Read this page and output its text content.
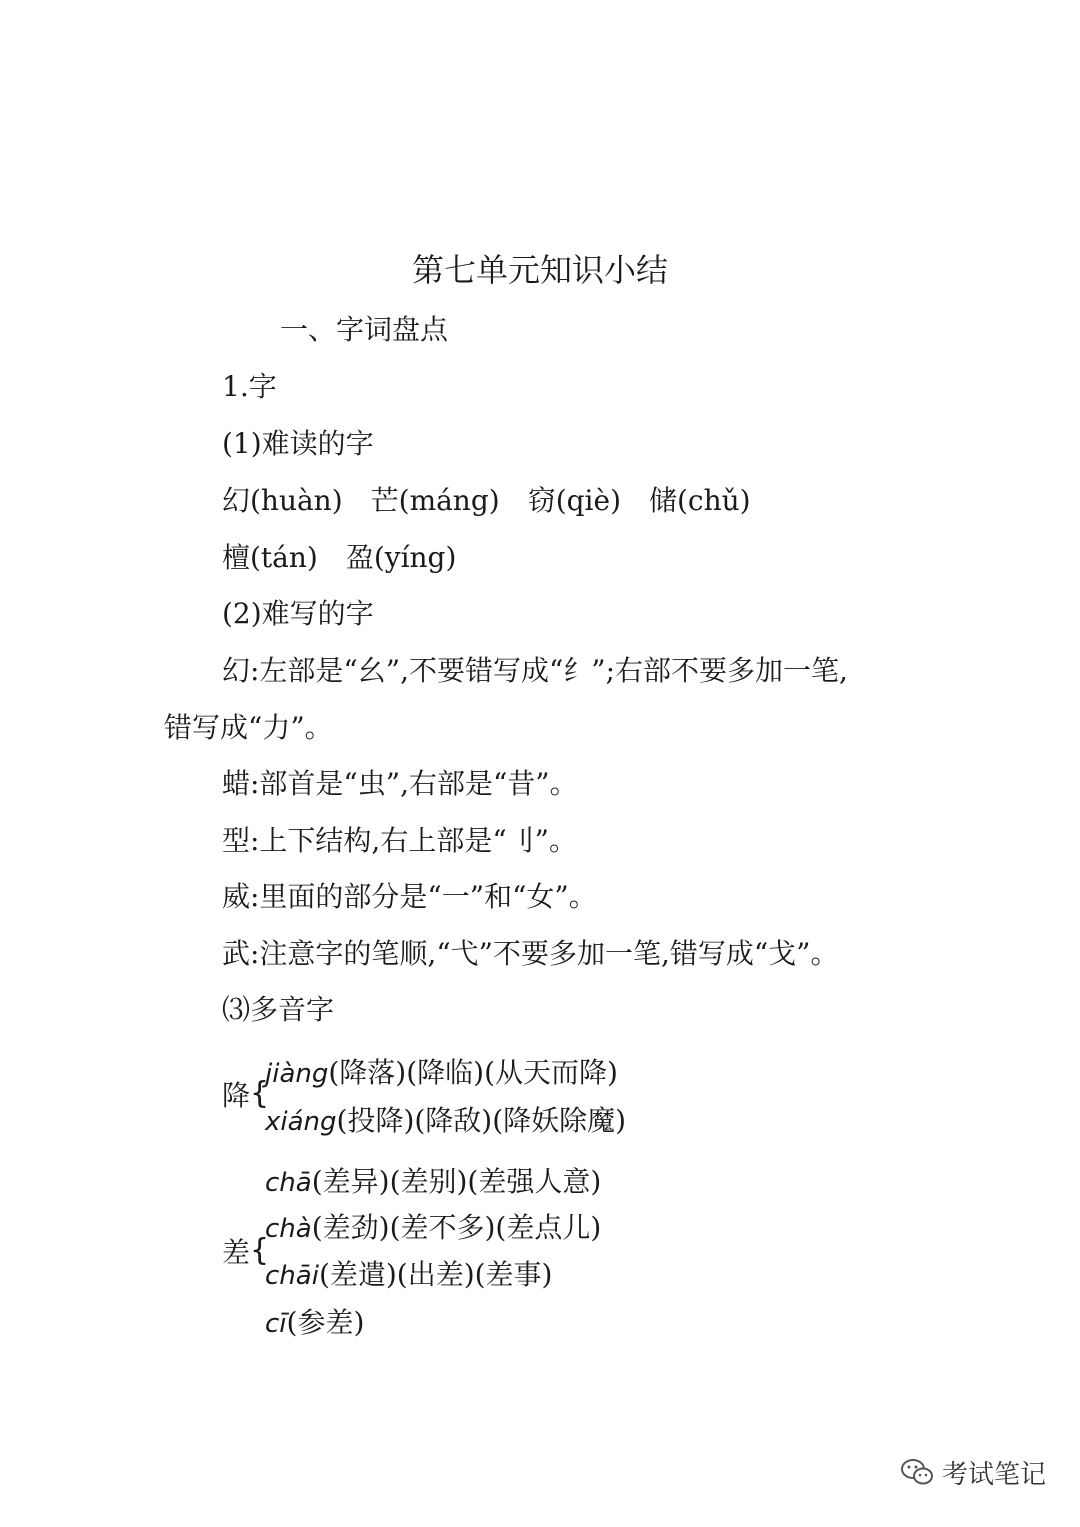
第七单元知识小结
一、字词盘点
1.字
(1)难读的字
幻(huàn)　芒(máng)　窃(qiè)　储(chǔ)
檀(tán)　盈(yíng)
(2)难写的字
幻:左部是“幺”,不要错写成“纟”;右部不要多加一笔,
错写成“力”。
蜡:部首是“虫”,右部是“昔”。
型:上下结构,右上部是“刂”。
威:里面的部分是“一”和“女”。
武:注意字的笔顺,“弋”不要多加一笔,错写成“戈”。
⑶多音字
降 {
jiàng(降落)(降临)(从天而降)
xiáng(投降)(降敌)(降妖除魔)
差 {
chā(差异)(差别)(差强人意)
chà(差劲)(差不多)(差点儿)
chāi(差遣)(出差)(差事)
cī(参差)
考试笔记
